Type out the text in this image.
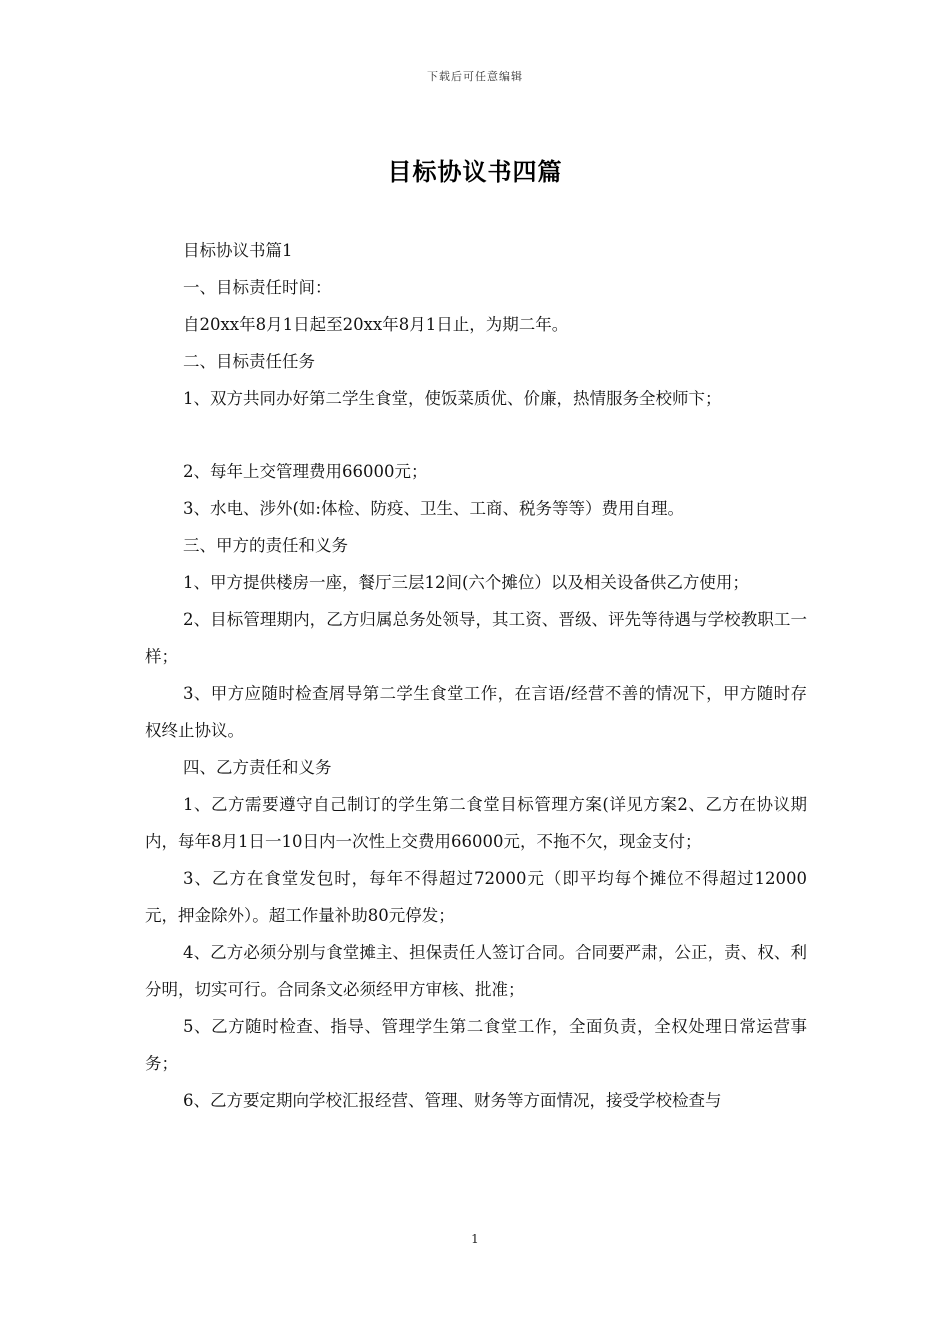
下载后可任意编辑
目标协议书四篇

目标协议书篇1

一、目标责任时间：

自20xx年8月1日起至20xx年8月1日止，为期二年。

二、目标责任任务

1、双方共同办好第二学生食堂，使饭菜质优、价廉，热情服务全校师卞；

2、每年上交管理费用66000元；

3、水电、涉外(如:体检、防疫、卫生、工商、税务等等）费用自理。

三、甲方的责任和义务

1、甲方提供楼房一座，餐厅三层12间(六个摊位）以及相关设备供乙方使用；

2、目标管理期内，乙方归属总务处领导，其工资、晋级、评先等待遇与学校教职工一样；

3、甲方应随时检查屑导第二学生食堂工作，在言语/经营不善的情况下，甲方随时存权终止协议。

四、乙方责任和义务

1、乙方需要遵守自己制订的学生第二食堂目标管理方案(详见方案2、乙方在协议期内，每年8月1日一10日内一次性上交费用66000元，不拖不欠，现金支付；

3、乙方在食堂发包时，每年不得超过72000元（即平均每个摊位不得超过12000元，押金除外）。超工作量补助80元停发；

4、乙方必须分别与食堂摊主、担保责任人签订合同。合同要严肃，公正，责、权、利分明，切实可行。合同条文必须经甲方审核、批准；

5、乙方随时检查、指导、管理学生第二食堂工作，全面负责，全权处理日常运营事务；

6、乙方要定期向学校汇报经营、管理、财务等方面情况，接受学校检查与

1
